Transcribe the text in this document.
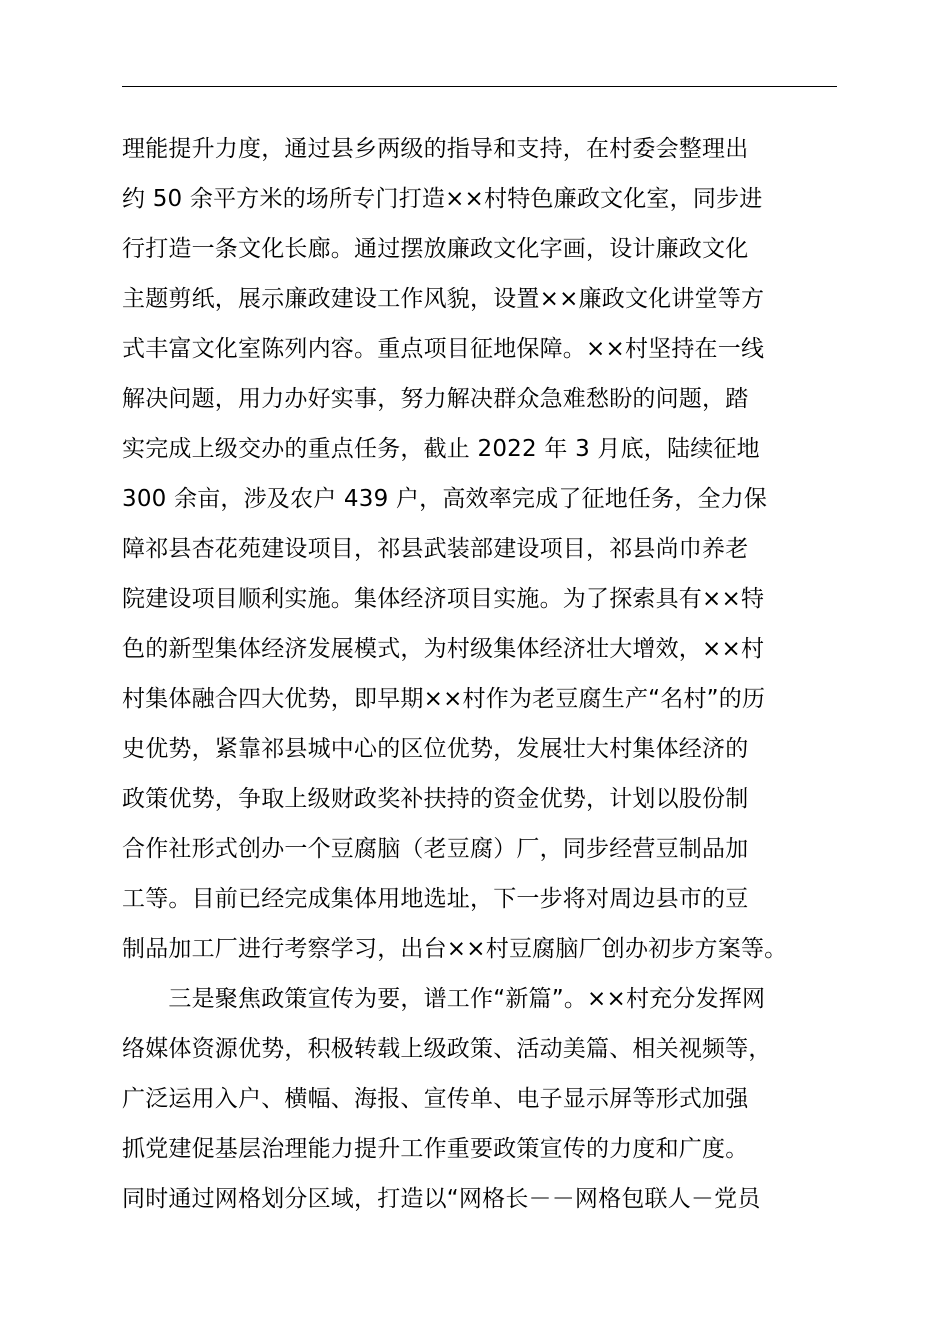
理能提升力度，通过县乡两级的指导和支持，在村委会整理出
约 50 余平方米的场所专门打造××村特色廉政文化室，同步进
行打造一条文化长廊。通过摆放廉政文化字画，设计廉政文化
主题剪纸，展示廉政建设工作风貌，设置××廉政文化讲堂等方
式丰富文化室陈列内容。重点项目征地保障。××村坚持在一线
解决问题，用力办好实事，努力解决群众急难愁盼的问题，踏
实完成上级交办的重点任务，截止 2022 年 3 月底，陆续征地
300 余亩，涉及农户 439 户，高效率完成了征地任务，全力保
障祁县杏花苑建设项目，祁县武装部建设项目，祁县尚巾养老
院建设项目顺利实施。集体经济项目实施。为了探索具有××特
色的新型集体经济发展模式，为村级集体经济壮大增效，××村
村集体融合四大优势，即早期××村作为老豆腐生产“名村”的历
史优势，紧靠祁县城中心的区位优势，发展壮大村集体经济的
政策优势，争取上级财政奖补扶持的资金优势，计划以股份制
合作社形式创办一个豆腐脑（老豆腐）厂，同步经营豆制品加
工等。目前已经完成集体用地选址，下一步将对周边县市的豆
制品加工厂进行考察学习，出台××村豆腐脑厂创办初步方案等。
　　三是聚焦政策宣传为要，谱工作“新篇”。××村充分发挥网
络媒体资源优势，积极转载上级政策、活动美篇、相关视频等，
广泛运用入户、横幅、海报、宣传单、电子显示屏等形式加强
抓党建促基层治理能力提升工作重要政策宣传的力度和广度。
同时通过网格划分区域，打造以“网格长－－网格包联人－党员
